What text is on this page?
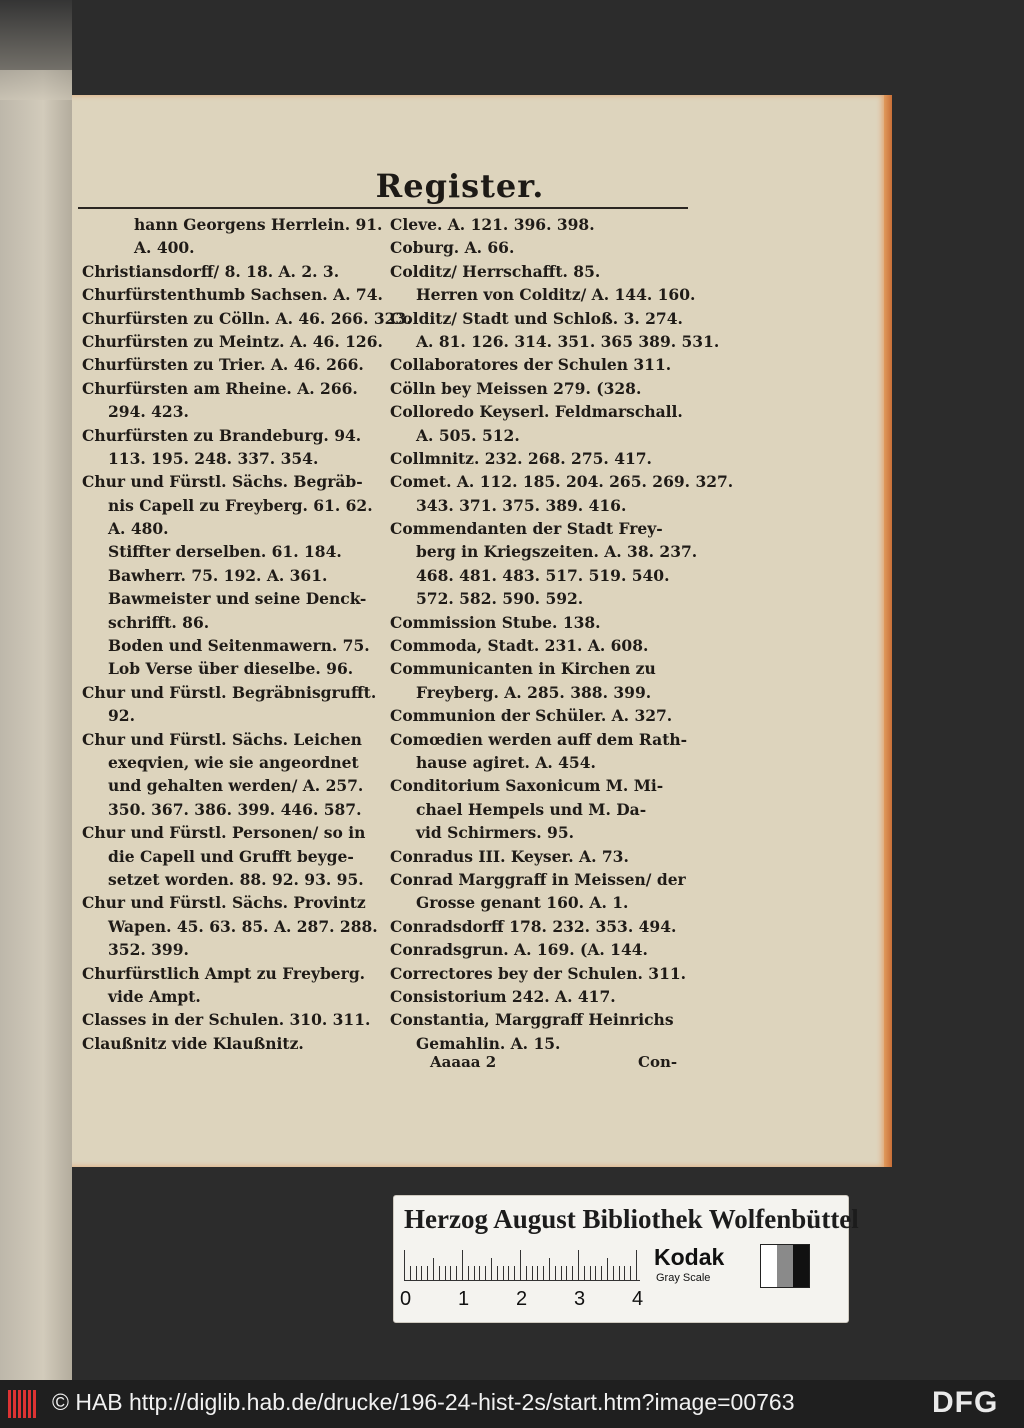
Register.
hann Georgens Herrlein. 91.
A. 400.
Christiansdorff/ 8. 18. A. 2. 3.
Churfürstenthumb Sachsen. A. 74.
Churfürsten zu Cölln. A. 46. 266. 323.
Churfürsten zu Meintz. A. 46. 126.
Churfürsten zu Trier. A. 46. 266.
Churfürsten am Rheine. A. 266.
294. 423.
Churfürsten zu Brandeburg. 94.
113. 195. 248. 337. 354.
Chur und Fürstl. Sächs. Begräb-
nis Capell zu Freyberg. 61. 62.
A. 480.
Stiffter derselben. 61. 184.
Bawherr. 75. 192. A. 361.
Bawmeister und seine Denck-
schrifft. 86.
Boden und Seitenmawern. 75.
Lob Verse über dieselbe. 96.
Chur und Fürstl. Begräbnisgrufft.
92.
Chur und Fürstl. Sächs. Leichen
exeqvien, wie sie angeordnet
und gehalten werden/ A. 257.
350. 367. 386. 399. 446. 587.
Chur und Fürstl. Personen/ so in
die Capell und Grufft beyge-
setzet worden. 88. 92. 93. 95.
Chur und Fürstl. Sächs. Provintz
Wapen. 45. 63. 85. A. 287. 288.
352. 399.
Churfürstlich Ampt zu Freyberg.
vide Ampt.
Classes in der Schulen. 310. 311.
Claußnitz vide Klaußnitz.
Cleve. A. 121. 396. 398.
Coburg. A. 66.
Colditz/ Herrschafft. 85.
Herren von Colditz/ A. 144. 160.
Colditz/ Stadt und Schloß. 3. 274.
A. 81. 126. 314. 351. 365 389. 531.
Collaboratores der Schulen 311.
Cölln bey Meissen 279. (328.
Colloredo Keyserl. Feldmarschall.
A. 505. 512.
Collmnitz. 232. 268. 275. 417.
Comet. A. 112. 185. 204. 265. 269. 327.
343. 371. 375. 389. 416.
Commendanten der Stadt Frey-
berg in Kriegszeiten. A. 38. 237.
468. 481. 483. 517. 519. 540.
572. 582. 590. 592.
Commission Stube. 138.
Commoda, Stadt. 231. A. 608.
Communicanten in Kirchen zu
Freyberg. A. 285. 388. 399.
Communion der Schüler. A. 327.
Comœdien werden auff dem Rath-
hause agiret. A. 454.
Conditorium Saxonicum M. Mi-
chael Hempels und M. Da-
vid Schirmers. 95.
Conradus III. Keyser. A. 73.
Conrad Marggraff in Meissen/ der
Grosse genant 160. A. 1.
Conradsdorff 178. 232. 353. 494.
Conradsgrun. A. 169. (A. 144.
Correctores bey der Schulen. 311.
Consistorium 242. A. 417.
Constantia, Marggraff Heinrichs
Gemahlin. A. 15.
Aaaaa 2	Con-
Herzog August Bibliothek Wolfenbüttel
0 1 2 3 4
Kodak
Gray Scale
© HAB http://diglib.hab.de/drucke/196-24-hist-2s/start.htm?image=00763	DFG
